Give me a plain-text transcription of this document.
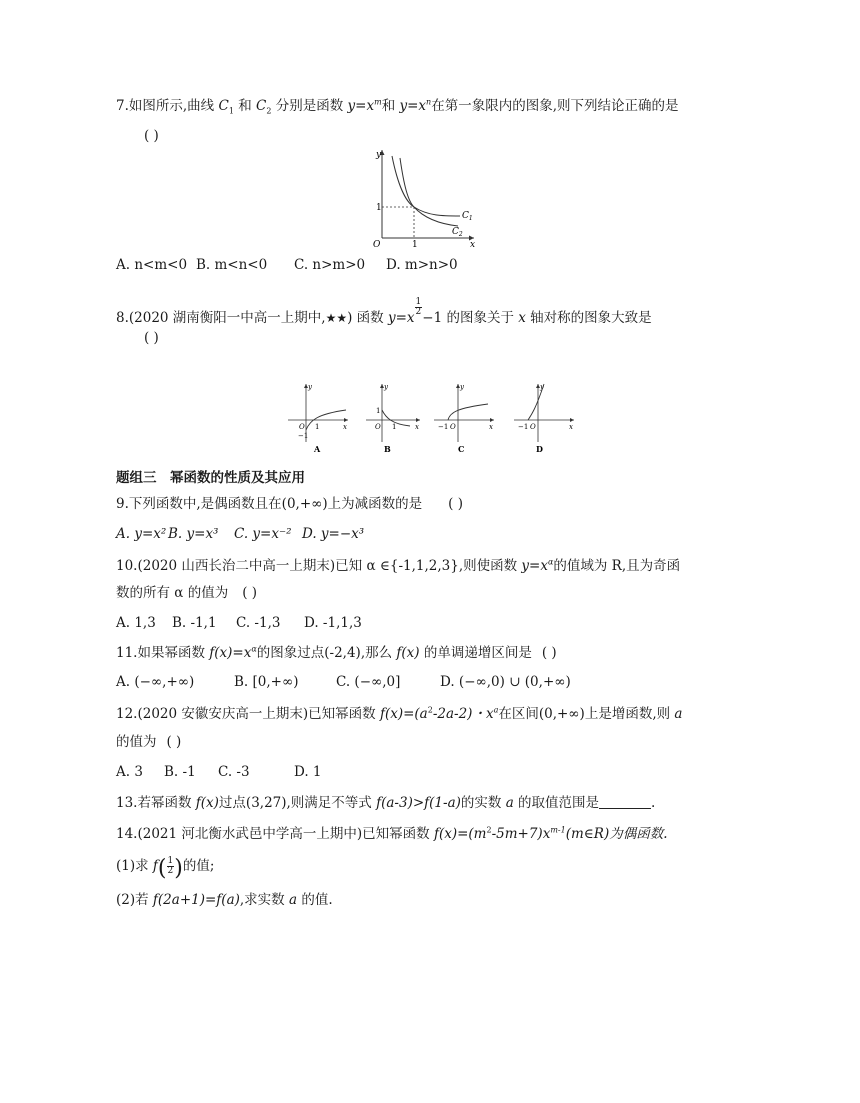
7.如图所示,曲线 $C_1$ 和 $C_2$ 分别是函数 $y=x^m$和 $y=x^n$在第一象限内的图象,则下列结论正确的是
( )
y
x
O
1
1
$C_1$
$C_2$
A. n<m<0 B. m<n<0 C. n>m>0 D. m>n>0
8.(2020 湖南衡阳一中高一上期中,★★) 函数 y=x
$\frac{1}{2}-1$ 的图象关于 x 轴对称的图象大致是
( )
y
x
O 1
−1
A
y
x
O
1
1
B
y
x
−1 O
C
y
x
−1 O
D
题组三　幂函数的性质及其应用
9.下列函数中,是偶函数且在(0,+∞)上为减函数的是 ( )
A. y=x² B. y=x³ C. y=x⁻² D. y=−x³
10.(2020 山西长治二中高一上期末)已知 α ∈{-1,1,2,3},则使函数 $y=x^\alpha$的值域为 R,且为奇函
数的所有 α 的值为 ( )
A. 1,3 B. -1,1 C. -1,3 D. -1,1,3
11.如果幂函数 $f(x)=x^\alpha$的图象过点(-2,4),那么 f(x) 的单调递增区间是 ( )
A. (−∞,+∞)	B. [0,+∞)	C. (−∞,0]	D. (−∞,0) ∪ (0,+∞)
12.(2020 安徽安庆高一上期末)已知幂函数 $f(x)=(a^2-2a-2)$・$x^a$在区间(0,+∞)上是增函数,则 a
的值为 ( )
A. 3 B. -1 C. -3	D. 1
13.若幂函数 f(x)过点(3,27),则满足不等式 f(a-3)>f(1-a)的实数 a 的取值范围是	.
14.(2021 河北衡水武邑中学高一上期中)已知幂函数 $f(x)=(m^2-5m+7)x^{m-1}(m\in R)$为偶函数.
(1)求 $f( \frac{1}{2})$的值;
(2)若 f(2a+1)=f(a),求实数 a 的值.
